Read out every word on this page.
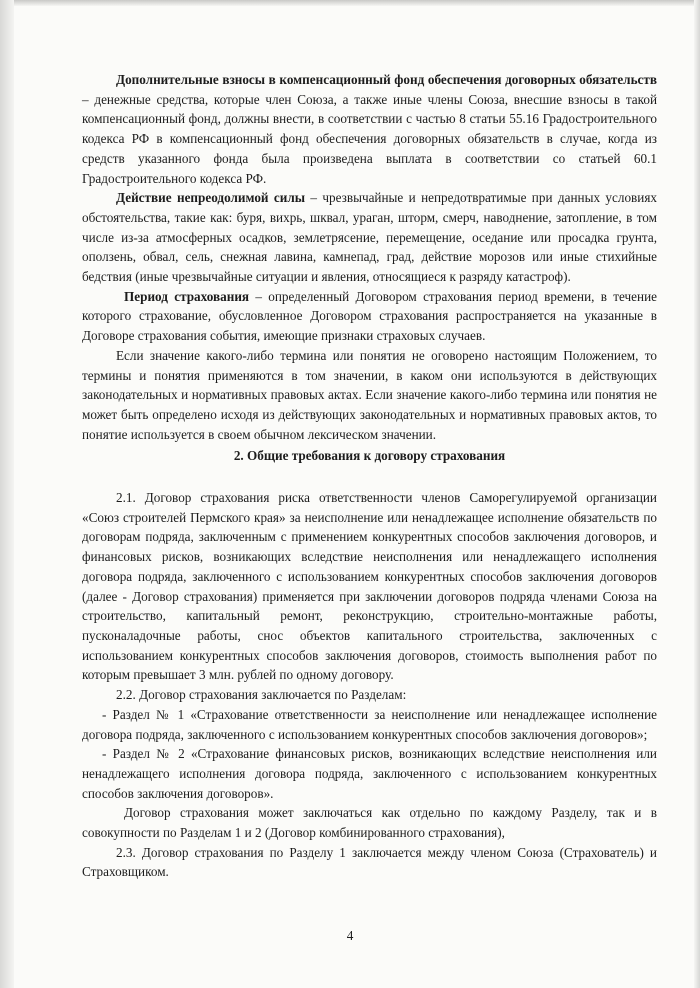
Дополнительные взносы в компенсационный фонд обеспечения договорных обязательств – денежные средства, которые член Союза, а также иные члены Союза, внесшие взносы в такой компенсационный фонд, должны внести, в соответствии с частью 8 статьи 55.16 Градостроительного кодекса РФ в компенсационный фонд обеспечения договорных обязательств в случае, когда из средств указанного фонда была произведена выплата в соответствии со статьей 60.1 Градостроительного кодекса РФ.

Действие непреодолимой силы – чрезвычайные и непредотвратимые при данных условиях обстоятельства, такие как: буря, вихрь, шквал, ураган, шторм, смерч, наводнение, затопление, в том числе из-за атмосферных осадков, землетрясение, перемещение, оседание или просадка грунта, оползень, обвал, сель, снежная лавина, камнепад, град, действие морозов или иные стихийные бедствия (иные чрезвычайные ситуации и явления, относящиеся к разряду катастроф).

Период страхования – определенный Договором страхования период времени, в течение которого страхование, обусловленное Договором страхования распространяется на указанные в Договоре страхования события, имеющие признаки страховых случаев.

Если значение какого-либо термина или понятия не оговорено настоящим Положением, то термины и понятия применяются в том значении, в каком они используются в действующих законодательных и нормативных правовых актах. Если значение какого-либо термина или понятия не может быть определено исходя из действующих законодательных и нормативных правовых актов, то понятие используется в своем обычном лексическом значении.

2. Общие требования к договору страхования

2.1. Договор страхования риска ответственности членов Саморегулируемой организации «Союз строителей Пермского края» за неисполнение или ненадлежащее исполнение обязательств по договорам подряда, заключенным с применением конкурентных способов заключения договоров, и финансовых рисков, возникающих вследствие неисполнения или ненадлежащего исполнения договора подряда, заключенного с использованием конкурентных способов заключения договоров (далее - Договор страхования) применяется при заключении договоров подряда членами Союза на строительство, капитальный ремонт, реконструкцию, строительно-монтажные работы, пусконаладочные работы, снос объектов капитального строительства, заключенных с использованием конкурентных способов заключения договоров, стоимость выполнения работ по которым превышает 3 млн. рублей по одному договору.

2.2. Договор страхования заключается по Разделам:

- Раздел № 1 «Страхование ответственности за неисполнение или ненадлежащее исполнение договора подряда, заключенного с использованием конкурентных способов заключения договоров»;

- Раздел № 2 «Страхование финансовых рисков, возникающих вследствие неисполнения или ненадлежащего исполнения договора подряда, заключенного с использованием конкурентных способов заключения договоров».

Договор страхования может заключаться как отдельно по каждому Разделу, так и в совокупности по Разделам 1 и 2 (Договор комбинированного страхования),

2.3. Договор страхования по Разделу 1 заключается между членом Союза (Страхователь) и Страховщиком.

4
